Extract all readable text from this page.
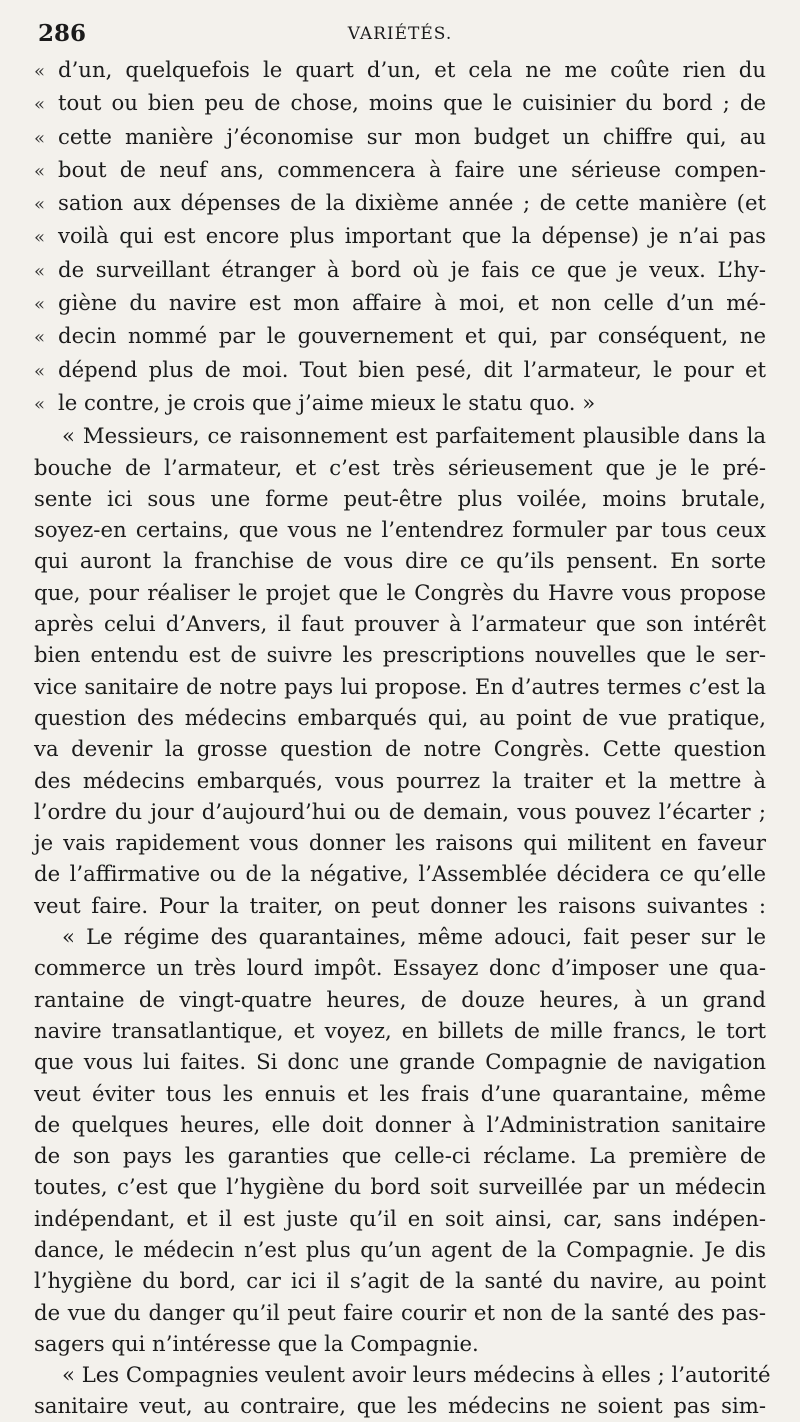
286	VARIÉTÉS.
« d’un, quelquefois le quart d’un, et cela ne me coûte rien du
« tout ou bien peu de chose, moins que le cuisinier du bord ; de
« cette manière j’économise sur mon budget un chiffre qui, au
« bout de neuf ans, commencera à faire une sérieuse compen-
« sation aux dépenses de la dixième année ; de cette manière (et
« voilà qui est encore plus important que la dépense) je n’ai pas
« de surveillant étranger à bord où je fais ce que je veux. L’hy-
« giène du navire est mon affaire à moi, et non celle d’un mé-
« decin nommé par le gouvernement et qui, par conséquent, ne
« dépend plus de moi. Tout bien pesé, dit l’armateur, le pour et
« le contre, je crois que j’aime mieux le statu quo. »
« Messieurs, ce raisonnement est parfaitement plausible dans la
bouche de l’armateur, et c’est très sérieusement que je le pré-
sente ici sous une forme peut-être plus voilée, moins brutale,
soyez-en certains, que vous ne l’entendrez formuler par tous ceux
qui auront la franchise de vous dire ce qu’ils pensent. En sorte
que, pour réaliser le projet que le Congrès du Havre vous propose
après celui d’Anvers, il faut prouver à l’armateur que son intérêt
bien entendu est de suivre les prescriptions nouvelles que le ser-
vice sanitaire de notre pays lui propose. En d’autres termes c’est la
question des médecins embarqués qui, au point de vue pratique,
va devenir la grosse question de notre Congrès. Cette question
des médecins embarqués, vous pourrez la traiter et la mettre à
l’ordre du jour d’aujourd’hui ou de demain, vous pouvez l’écarter ;
je vais rapidement vous donner les raisons qui militent en faveur
de l’affirmative ou de la négative, l’Assemblée décidera ce qu’elle
veut faire. Pour la traiter, on peut donner les raisons suivantes :
« Le régime des quarantaines, même adouci, fait peser sur le
commerce un très lourd impôt. Essayez donc d’imposer une qua-
rantaine de vingt-quatre heures, de douze heures, à un grand
navire transatlantique, et voyez, en billets de mille francs, le tort
que vous lui faites. Si donc une grande Compagnie de navigation
veut éviter tous les ennuis et les frais d’une quarantaine, même
de quelques heures, elle doit donner à l’Administration sanitaire
de son pays les garanties que celle-ci réclame. La première de
toutes, c’est que l’hygiène du bord soit surveillée par un médecin
indépendant, et il est juste qu’il en soit ainsi, car, sans indépen-
dance, le médecin n’est plus qu’un agent de la Compagnie. Je dis
l’hygiène du bord, car ici il s’agit de la santé du navire, au point
de vue du danger qu’il peut faire courir et non de la santé des pas-
sagers qui n’intéresse que la Compagnie.
« Les Compagnies veulent avoir leurs médecins à elles ; l’autorité
sanitaire veut, au contraire, que les médecins ne soient pas sim-
